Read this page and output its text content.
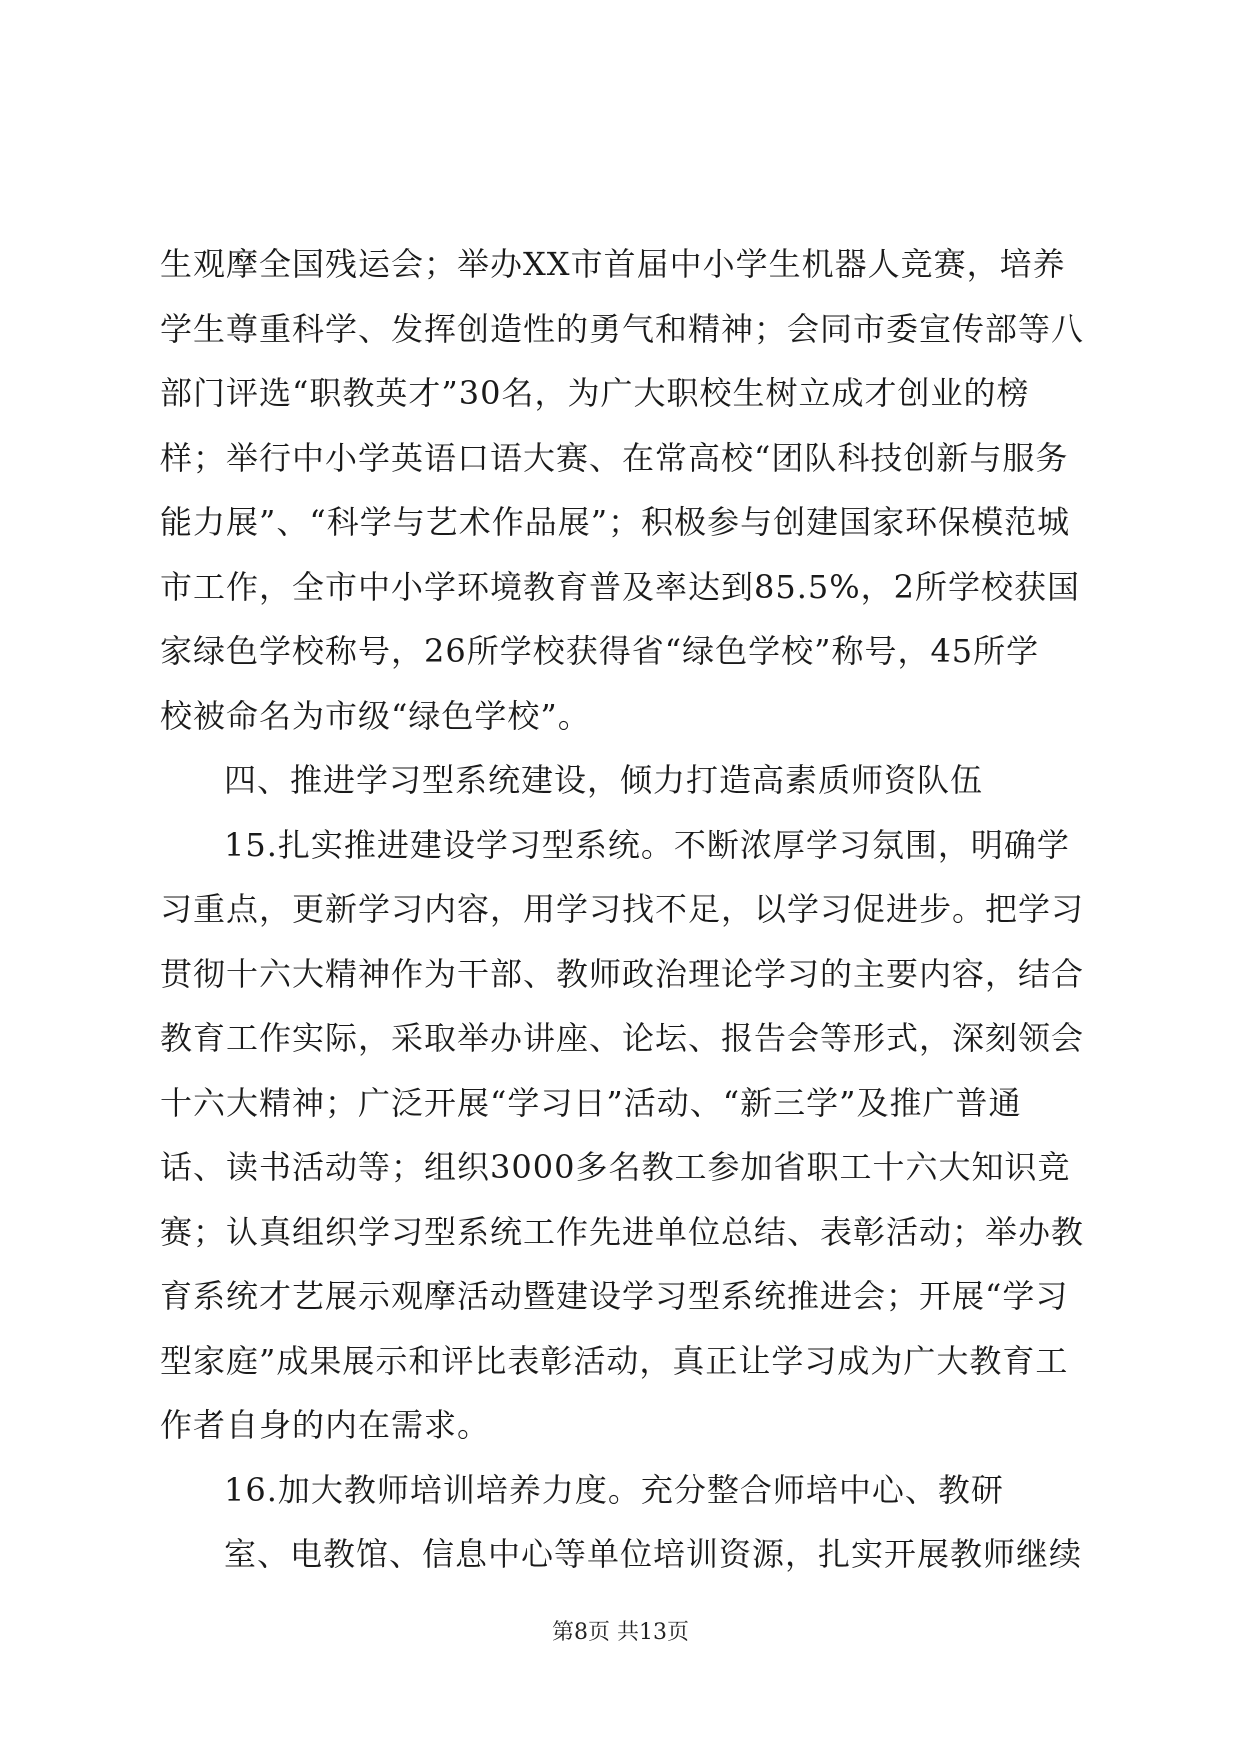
生观摩全国残运会；举办XX市首届中小学生机器人竞赛，培养
学生尊重科学、发挥创造性的勇气和精神；会同市委宣传部等八
部门评选“职教英才”30名，为广大职校生树立成才创业的榜
样；举行中小学英语口语大赛、在常高校“团队科技创新与服务
能力展”、“科学与艺术作品展”；积极参与创建国家环保模范城
市工作，全市中小学环境教育普及率达到85.5%，2所学校获国
家绿色学校称号，26所学校获得省“绿色学校”称号，45所学
校被命名为市级“绿色学校”。
四、推进学习型系统建设，倾力打造高素质师资队伍
15.扎实推进建设学习型系统。不断浓厚学习氛围，明确学
习重点，更新学习内容，用学习找不足，以学习促进步。把学习
贯彻十六大精神作为干部、教师政治理论学习的主要内容，结合
教育工作实际，采取举办讲座、论坛、报告会等形式，深刻领会
十六大精神；广泛开展“学习日”活动、“新三学”及推广普通
话、读书活动等；组织3000多名教工参加省职工十六大知识竞
赛；认真组织学习型系统工作先进单位总结、表彰活动；举办教
育系统才艺展示观摩活动暨建设学习型系统推进会；开展“学习
型家庭”成果展示和评比表彰活动，真正让学习成为广大教育工
作者自身的内在需求。
16.加大教师培训培养力度。充分整合师培中心、教研
室、电教馆、信息中心等单位培训资源，扎实开展教师继续
第8页 共13页
